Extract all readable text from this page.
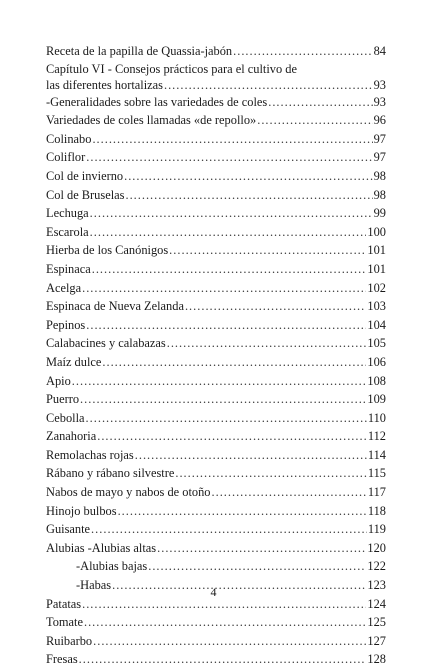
Receta de la papilla de Quassia-jabón .....	84
Capítulo VI - Consejos prácticos para el cultivo de
las diferentes hortalizas .....	93
-Generalidades sobre las variedades de coles .....	93
Variedades de coles llamadas «de repollo» .....	96
Colinabo .....	97
Coliflor .....	97
Col de invierno .....	98
Col de Bruselas .....	98
Lechuga .....	99
Escarola .....	100
Hierba de los Canónigos .....	101
Espinaca .....	101
Acelga .....	102
Espinaca de Nueva Zelanda .....	103
Pepinos .....	104
Calabacines y calabazas .....	105
Maíz dulce .....	106
Apio .....	108
Puerro .....	109
Cebolla .....	110
Zanahoria .....	112
Remolachas rojas .....	114
Rábano y rábano silvestre .....	115
Nabos de mayo y nabos de otoño .....	117
Hinojo bulbos .....	118
Guisante .....	119
Alubias -Alubias altas .....	120
-Alubias bajas .....	122
-Habas .....	123
Patatas .....	124
Tomate .....	125
Ruibarbo .....	127
Fresas .....	128
4
